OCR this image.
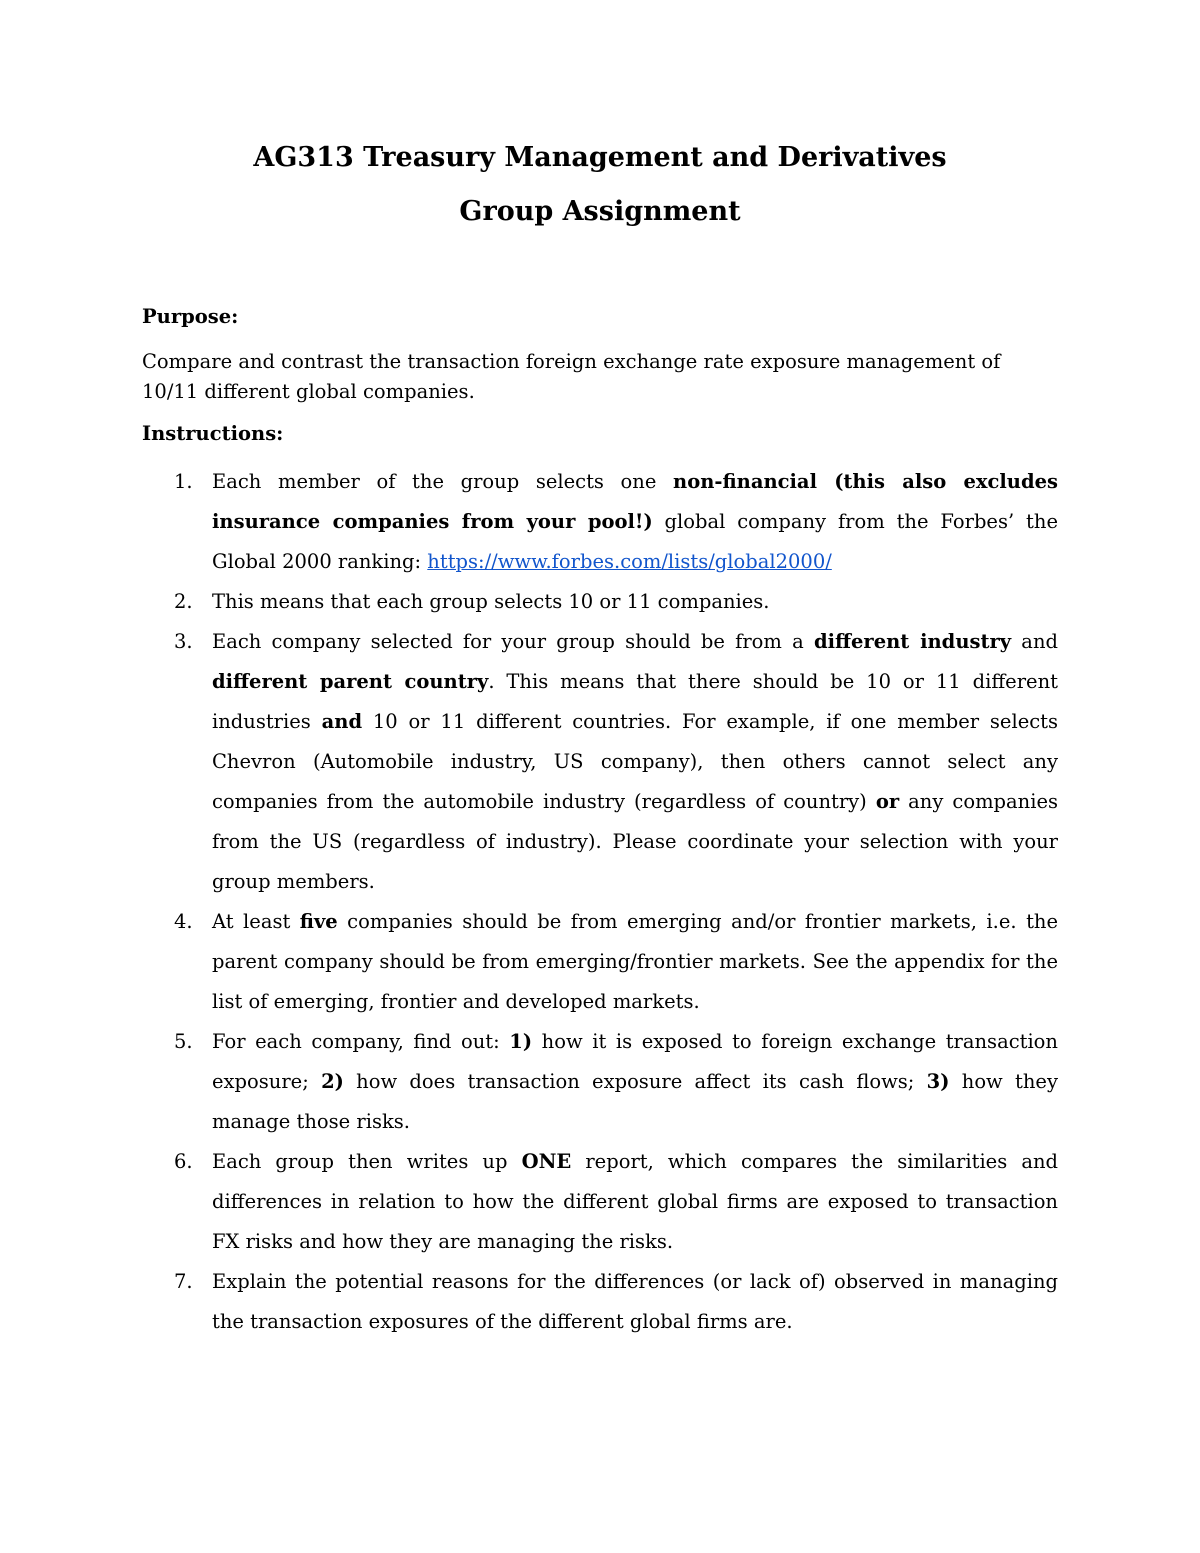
AG313 Treasury Management and Derivatives
Group Assignment
Purpose:

Compare and contrast the transaction foreign exchange rate exposure management of 10/11 different global companies.

Instructions:
1. Each member of the group selects one non-financial (this also excludes insurance companies from your pool!) global company from the Forbes’ the Global 2000 ranking: https://www.forbes.com/lists/global2000/
2. This means that each group selects 10 or 11 companies.
3. Each company selected for your group should be from a different industry and different parent country. This means that there should be 10 or 11 different industries and 10 or 11 different countries. For example, if one member selects Chevron (Automobile industry, US company), then others cannot select any companies from the automobile industry (regardless of country) or any companies from the US (regardless of industry). Please coordinate your selection with your group members.
4. At least five companies should be from emerging and/or frontier markets, i.e. the parent company should be from emerging/frontier markets. See the appendix for the list of emerging, frontier and developed markets.
5. For each company, find out: 1) how it is exposed to foreign exchange transaction exposure; 2) how does transaction exposure affect its cash flows; 3) how they manage those risks.
6. Each group then writes up ONE report, which compares the similarities and differences in relation to how the different global firms are exposed to transaction FX risks and how they are managing the risks.
7. Explain the potential reasons for the differences (or lack of) observed in managing the transaction exposures of the different global firms are.
